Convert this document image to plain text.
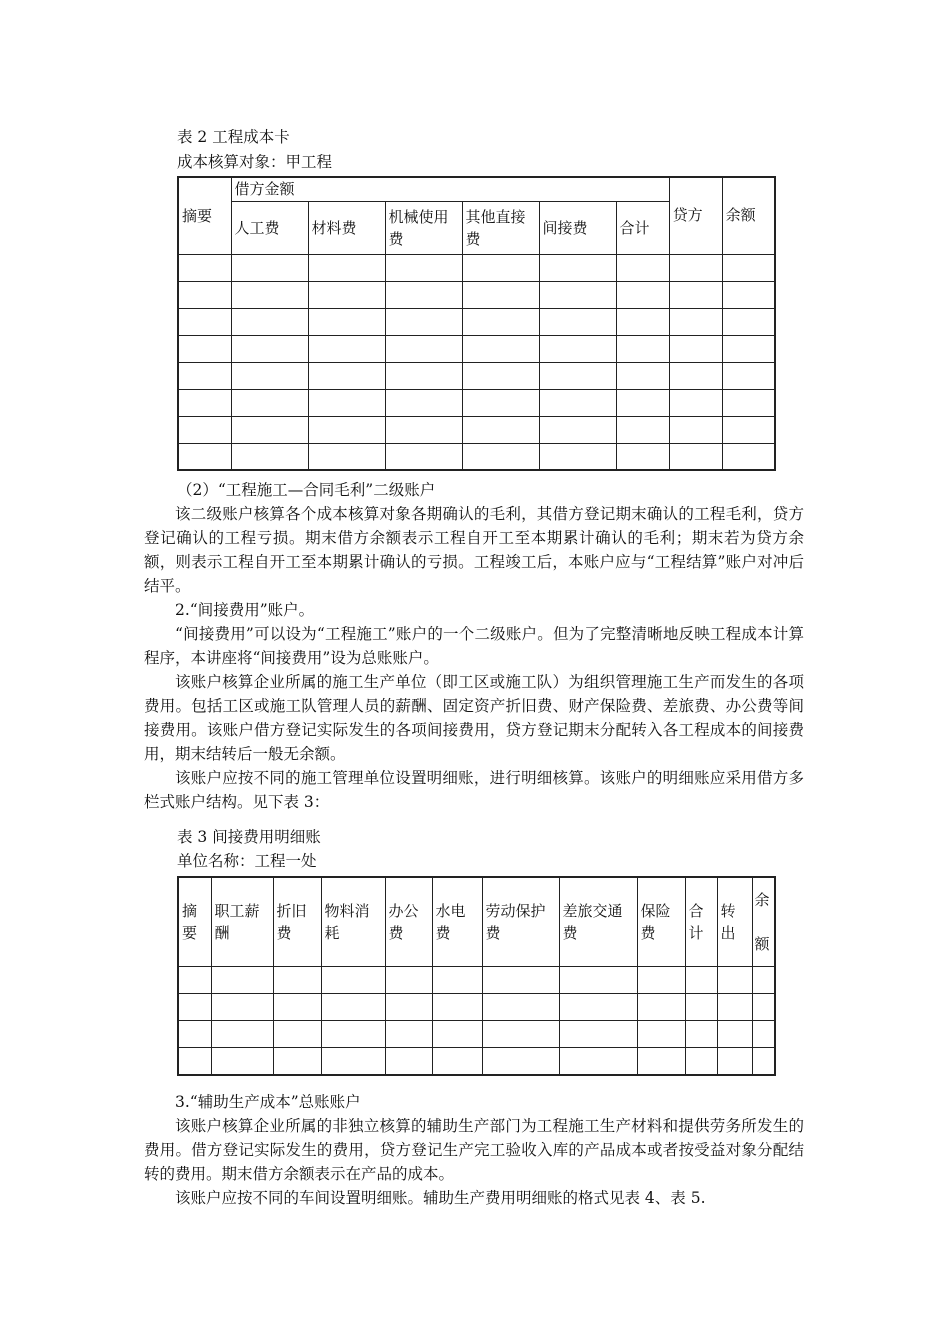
表 2 工程成本卡
成本核算对象：甲工程
摘要	借方金额						贷方	余额
	人工费	材料费	机械使用费	其他直接费	间接费	合计		

（2）“工程施工—合同毛利”二级账户

该二级账户核算各个成本核算对象各期确认的毛利，其借方登记期末确认的工程毛利，贷方登记确认的工程亏损。期末借方余额表示工程自开工至本期累计确认的毛利；期末若为贷方余额，则表示工程自开工至本期累计确认的亏损。工程竣工后，本账户应与“工程结算”账户对冲后结平。

2.“间接费用”账户。

“间接费用”可以设为“工程施工”账户的一个二级账户。但为了完整清晰地反映工程成本计算程序，本讲座将“间接费用”设为总账账户。

该账户核算企业所属的施工生产单位（即工区或施工队）为组织管理施工生产而发生的各项费用。包括工区或施工队管理人员的薪酬、固定资产折旧费、财产保险费、差旅费、办公费等间接费用。该账户借方登记实际发生的各项间接费用，贷方登记期末分配转入各工程成本的间接费用，期末结转后一般无余额。

该账户应按不同的施工管理单位设置明细账，进行明细核算。该账户的明细账应采用借方多栏式账户结构。见下表 3：

表 3 间接费用明细账
单位名称：工程一处
摘要	职工薪酬	折旧费	物料消耗	办公费	水电费	劳动保护费	差旅交通费	保险费	合计	转出	余额

3.“辅助生产成本”总账账户

该账户核算企业所属的非独立核算的辅助生产部门为工程施工生产材料和提供劳务所发生的费用。借方登记实际发生的费用，贷方登记生产完工验收入库的产品成本或者按受益对象分配结转的费用。期末借方余额表示在产品的成本。

该账户应按不同的车间设置明细账。辅助生产费用明细账的格式见表 4、表 5.
